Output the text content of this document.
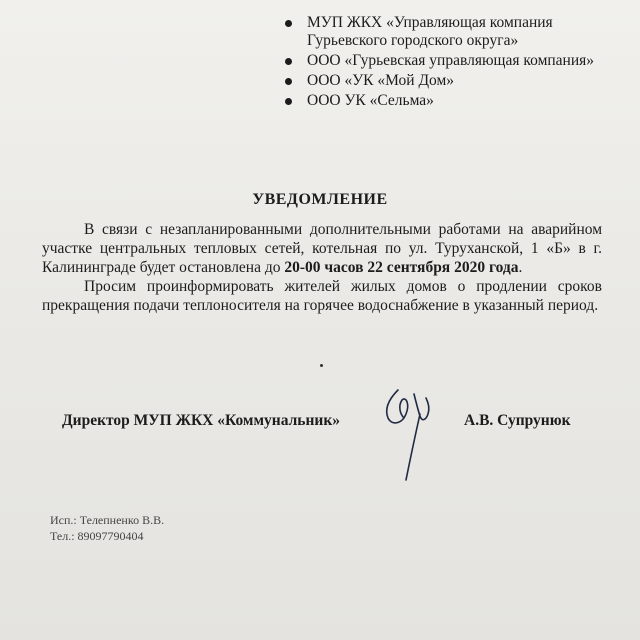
МУП ЖКХ «Управляющая компания Гурьевского городского округа»
ООО «Гурьевская управляющая компания»
ООО «УК «Мой Дом»
ООО УК «Сельма»
УВЕДОМЛЕНИЕ

В связи с незапланированными дополнительными работами на аварийном участке центральных тепловых сетей, котельная по ул. Туруханской, 1 «Б» в г. Калининграде будет остановлена до 20-00 часов 22 сентября 2020 года.

Просим проинформировать жителей жилых домов о продлении сроков прекращения подачи теплоносителя на горячее водоснабжение в указанный период.

Директор МУП ЖКХ «Коммунальник»	А.В. Супрунюк
Исп.: Телепненко В.В.
Тел.: 89097790404
